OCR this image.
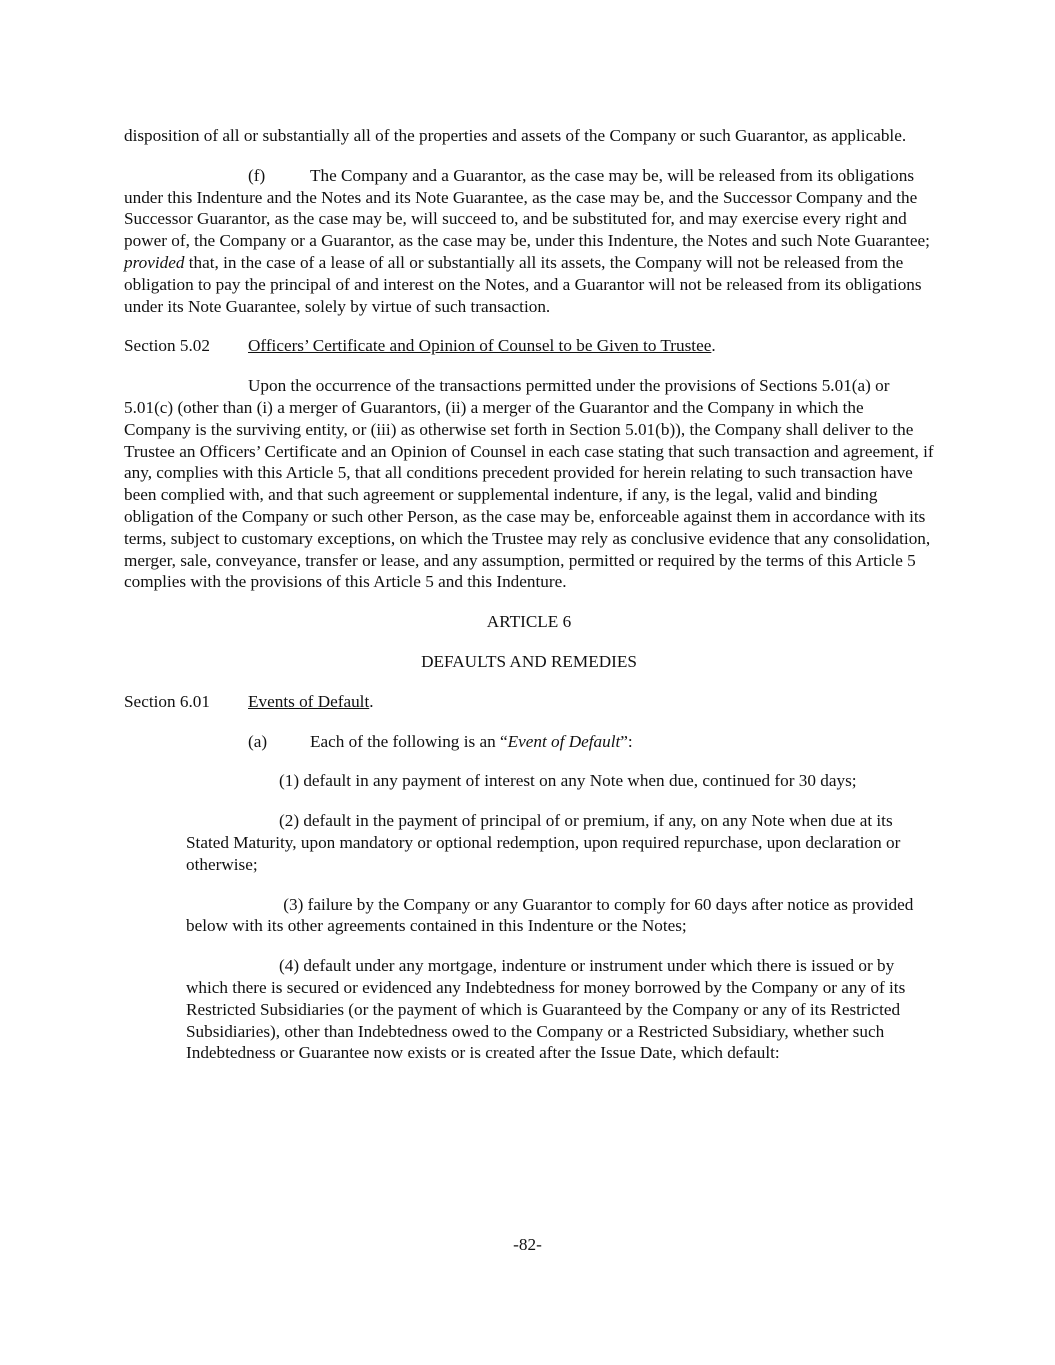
disposition of all or substantially all of the properties and assets of the Company or such Guarantor, as applicable.

(f)	The Company and a Guarantor, as the case may be, will be released from its obligations under this Indenture and the Notes and its Note Guarantee, as the case may be, and the Successor Company and the Successor Guarantor, as the case may be, will succeed to, and be substituted for, and may exercise every right and power of, the Company or a Guarantor, as the case may be, under this Indenture, the Notes and such Note Guarantee; provided that, in the case of a lease of all or substantially all its assets, the Company will not be released from the obligation to pay the principal of and interest on the Notes, and a Guarantor will not be released from its obligations under its Note Guarantee, solely by virtue of such transaction.

Section 5.02 Officers’ Certificate and Opinion of Counsel to be Given to Trustee.

Upon the occurrence of the transactions permitted under the provisions of Sections 5.01(a) or 5.01(c) (other than (i) a merger of Guarantors, (ii) a merger of the Guarantor and the Company in which the Company is the surviving entity, or (iii) as otherwise set forth in Section 5.01(b)), the Company shall deliver to the Trustee an Officers’ Certificate and an Opinion of Counsel in each case stating that such transaction and agreement, if any, complies with this Article 5, that all conditions precedent provided for herein relating to such transaction have been complied with, and that such agreement or supplemental indenture, if any, is the legal, valid and binding obligation of the Company or such other Person, as the case may be, enforceable against them in accordance with its terms, subject to customary exceptions, on which the Trustee may rely as conclusive evidence that any consolidation, merger, sale, conveyance, transfer or lease, and any assumption, permitted or required by the terms of this Article 5 complies with the provisions of this Article 5 and this Indenture.

ARTICLE 6

DEFAULTS AND REMEDIES

Section 6.01 Events of Default.

(a) Each of the following is an “Event of Default”:

(1) default in any payment of interest on any Note when due, continued for 30 days;

(2) default in the payment of principal of or premium, if any, on any Note when due at its Stated Maturity, upon mandatory or optional redemption, upon required repurchase, upon declaration or otherwise;

(3) failure by the Company or any Guarantor to comply for 60 days after notice as provided below with its other agreements contained in this Indenture or the Notes;

(4) default under any mortgage, indenture or instrument under which there is issued or by which there is secured or evidenced any Indebtedness for money borrowed by the Company or any of its Restricted Subsidiaries (or the payment of which is Guaranteed by the Company or any of its Restricted Subsidiaries), other than Indebtedness owed to the Company or a Restricted Subsidiary, whether such Indebtedness or Guarantee now exists or is created after the Issue Date, which default:

-82-
